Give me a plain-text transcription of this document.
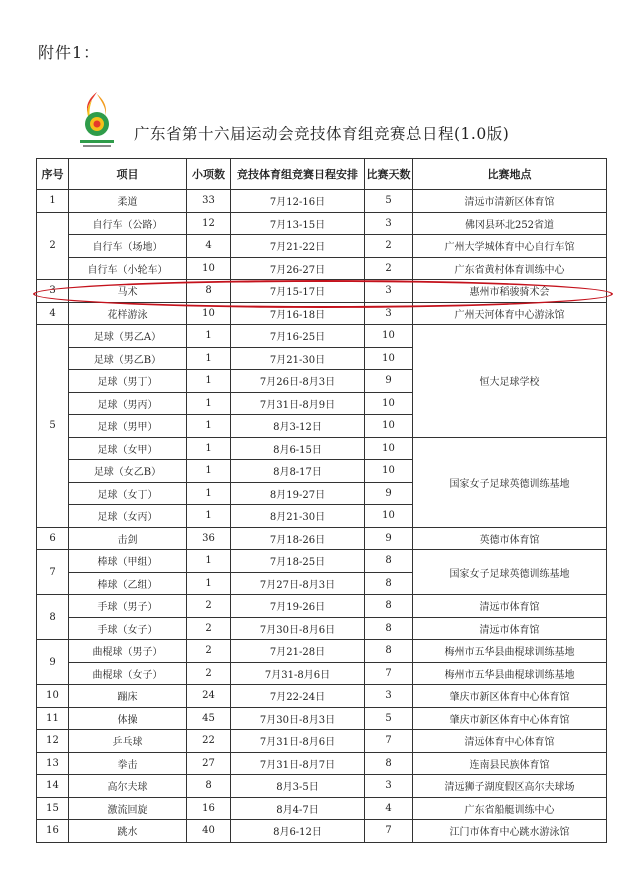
附件1：
广东省第十六届运动会竞技体育组竞赛总日程(1.0版)
序号	项目	小项数	竞技体育组竞赛日程安排	比赛天数	比赛地点
1	柔道	33	7月12-16日	5	清远市清新区体育馆
2	自行车（公路）	12	7月13-15日	3	佛冈县环北252省道
	自行车（场地）	4	7月21-22日	2	广州大学城体育中心自行车馆
	自行车（小轮车）	10	7月26-27日	2	广东省黄村体育训练中心
3	马术	8	7月15-17日	3	惠州市稻骏骑术会
4	花样游泳	10	7月16-18日	3	广州天河体育中心游泳馆
5	足球（男乙A）	1	7月16-25日	10	恒大足球学校
	足球（男乙B）	1	7月21-30日	10	
	足球（男丁）	1	7月26日-8月3日	9	
	足球（男丙）	1	7月31日-8月9日	10	
	足球（男甲）	1	8月3-12日	10	
	足球（女甲）	1	8月6-15日	10	国家女子足球英德训练基地
	足球（女乙B）	1	8月8-17日	10	
	足球（女丁）	1	8月19-27日	9	
	足球（女丙）	1	8月21-30日	10	
6	击剑	36	7月18-26日	9	英德市体育馆
7	棒球（甲组）	1	7月18-25日	8	国家女子足球英德训练基地
	棒球（乙组）	1	7月27日-8月3日	8	
8	手球（男子）	2	7月19-26日	8	清远市体育馆
	手球（女子）	2	7月30日-8月6日	8	清远市体育馆
9	曲棍球（男子）	2	7月21-28日	8	梅州市五华县曲棍球训练基地
	曲棍球（女子）	2	7月31-8月6日	7	梅州市五华县曲棍球训练基地
10	蹦床	24	7月22-24日	3	肇庆市新区体育中心体育馆
11	体操	45	7月30日-8月3日	5	肇庆市新区体育中心体育馆
12	乒乓球	22	7月31日-8月6日	7	清远体育中心体育馆
13	拳击	27	7月31日-8月7日	8	连南县民族体育馆
14	高尔夫球	8	8月3-5日	3	清远狮子湖度假区高尔夫球场
15	激流回旋	16	8月4-7日	4	广东省船艇训练中心
16	跳水	40	8月6-12日	7	江门市体育中心跳水游泳馆
